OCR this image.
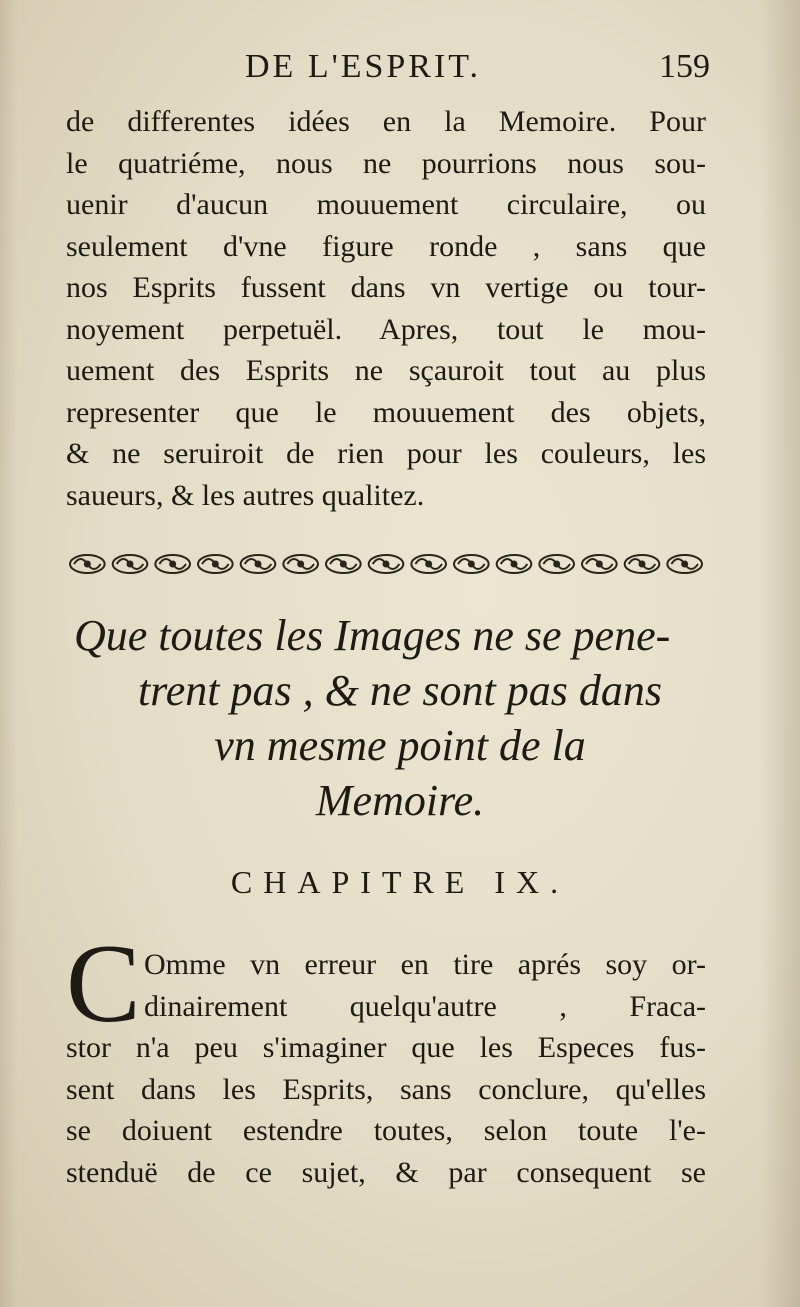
DE L'ESPRIT.	159
de differentes idées en la Memoire. Pour
le quatriéme, nous ne pourrions nous sou-
uenir d'aucun mouuement circulaire, ou
seulement d'vne figure ronde , sans que
nos Esprits fussent dans vn vertige ou tour-
noyement perpetuël. Apres, tout le mou-
uement des Esprits ne sçauroit tout au plus
representer que le mouuement des objets,
& ne seruiroit de rien pour les couleurs, les
saueurs, & les autres qualitez.
Que toutes les Images ne se pene-
trent pas , & ne sont pas dans
vn mesme point de la
Memoire.
CHAPITRE IX.
C Omme vn erreur en tire aprés soy or-
dinairement quelqu'autre , Fraca-
stor n'a peu s'imaginer que les Especes fus-
sent dans les Esprits, sans conclure, qu'elles
se doiuent estendre toutes, selon toute l'e-
stenduë de ce sujet, & par consequent se
